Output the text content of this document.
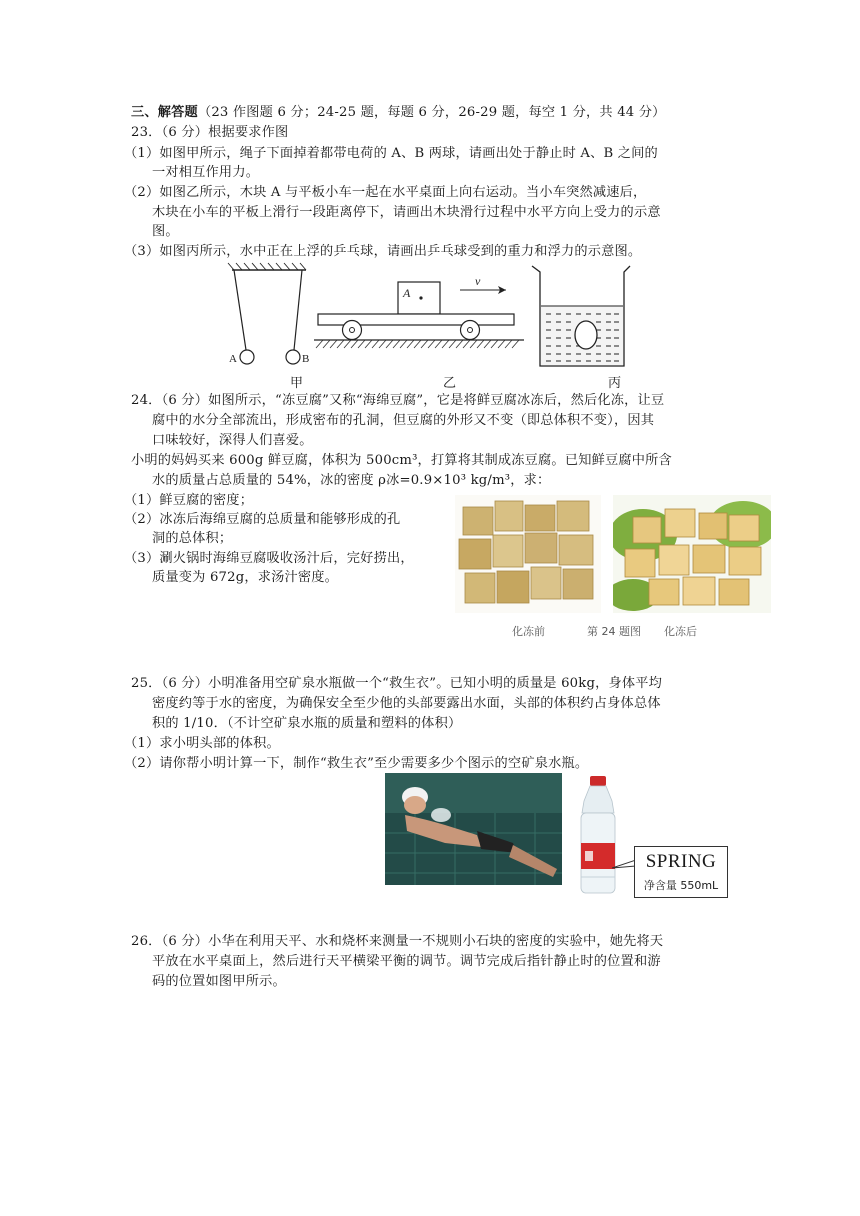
三、解答题（23 作图题 6 分；24-25 题，每题 6 分，26-29 题，每空 1 分，共 44 分）
23．（6 分）根据要求作图
（1）如图甲所示，绳子下面掉着都带电荷的 A、B 两球，请画出处于静止时 A、B 之间的
一对相互作用力。
（2）如图乙所示，木块 A 与平板小车一起在水平桌面上向右运动。当小车突然减速后，
木块在小车的平板上滑行一段距离停下，请画出木块滑行过程中水平方向上受力的示意
图。
（3）如图丙所示，水中正在上浮的乒乓球，请画出乒乓球受到的重力和浮力的示意图。
A	B
A
v
甲	乙	丙
24．（6 分）如图所示，“冻豆腐”又称“海绵豆腐”，它是将鲜豆腐冰冻后，然后化冻，让豆
腐中的水分全部流出，形成密布的孔洞，但豆腐的外形又不变（即总体积不变），因其
口味较好，深得人们喜爱。
小明的妈妈买来 600g 鲜豆腐，体积为 500cm³，打算将其制成冻豆腐。已知鲜豆腐中所含
水的质量占总质量的 54%，冰的密度 ρ冰=0.9×10³ kg/m³，求：
（1）鲜豆腐的密度；
（2）冰冻后海绵豆腐的总质量和能够形成的孔
洞的总体积；
（3）涮火锅时海绵豆腐吸收汤汁后，完好捞出，
质量变为 672g，求汤汁密度。
化冻前	第 24 题图 化冻后
25．（6 分）小明准备用空矿泉水瓶做一个“救生衣”。已知小明的质量是 60kg，身体平均
密度约等于水的密度，为确保安全至少他的头部要露出水面，头部的体积约占身体总体
积的 1/10．（不计空矿泉水瓶的质量和塑料的体积）
（1）求小明头部的体积。
（2）请你帮小明计算一下，制作“救生衣”至少需要多少个图示的空矿泉水瓶。
SPRING
净含量 550mL
26．（6 分）小华在利用天平、水和烧杯来测量一不规则小石块的密度的实验中，她先将天
平放在水平桌面上，然后进行天平横梁平衡的调节。调节完成后指针静止时的位置和游
码的位置如图甲所示。
